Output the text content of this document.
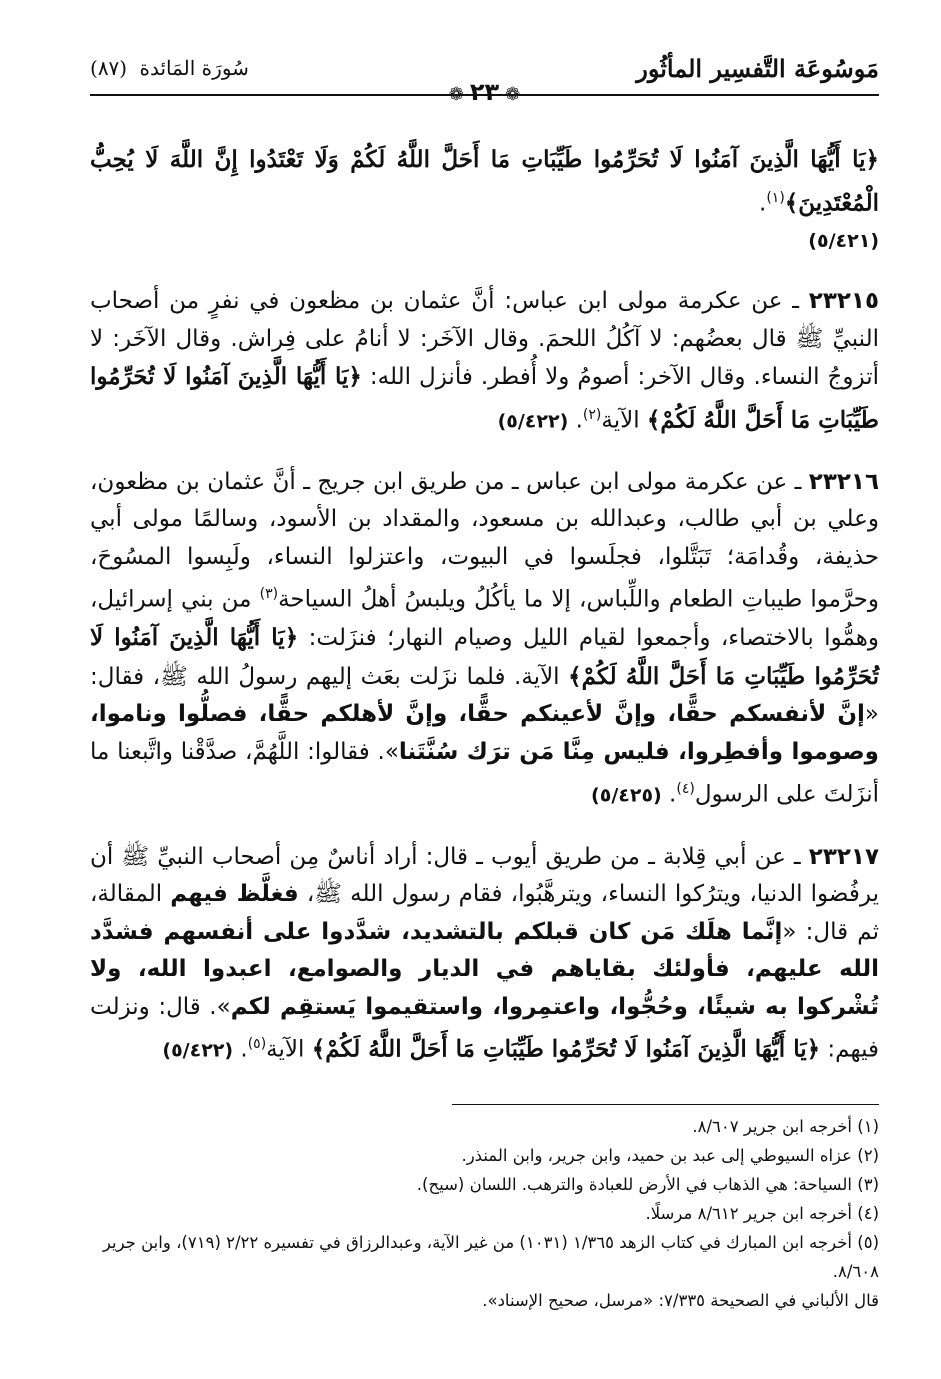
مَوسُوعَة التَّفسِير المأثُور
❁٢٣❁
سُورَة المَائدة (٨٧)

﴿يَا أَيُّهَا الَّذِينَ آمَنُوا لَا تُحَرِّمُوا طَيِّبَاتِ مَا أَحَلَّ اللَّهُ لَكُمْ وَلَا تَعْتَدُوا إِنَّ اللَّهَ لَا يُحِبُّ الْمُعْتَدِينَ﴾$^{(١)}$.
(٥/٤٢١)

٢٣٢١٥ ـ عن عكرمة مولى ابن عباس: أنَّ عثمان بن مظعون في نفرٍ من أصحاب النبيِّ ﷺ قال بعضُهم: لا آكُلُ اللحمَ. وقال الآخَر: لا أنامُ على فِراش. وقال الآخَر: لا أتزوجُ النساء. وقال الآخر: أصومُ ولا أُفطر. فأنزل الله: ﴿يَا أَيُّهَا الَّذِينَ آمَنُوا لَا تُحَرِّمُوا طَيِّبَاتِ مَا أَحَلَّ اللَّهُ لَكُمْ﴾ الآية$^{(٢)}$. (٥/٤٢٢)

٢٣٢١٦ ـ عن عكرمة مولى ابن عباس ـ من طريق ابن جريج ـ أنَّ عثمان بن مظعون، وعلي بن أبي طالب، وعبدالله بن مسعود، والمقداد بن الأسود، وسالمًا مولى أبي حذيفة، وقُدامَة؛ تَبَتَّلوا، فجلَسوا في البيوت، واعتزلوا النساء، ولَبِسوا المسُوحَ، وحرَّموا طيباتِ الطعام واللِّباس، إلا ما يأكُلُ ويلبسُ أهلُ السياحة$^{(٣)}$ من بني إسرائيل، وهمُّوا بالاختصاء، وأجمعوا لقيام الليل وصيام النهار؛ فنزَلت: ﴿يَا أَيُّهَا الَّذِينَ آمَنُوا لَا تُحَرِّمُوا طَيِّبَاتِ مَا أَحَلَّ اللَّهُ لَكُمْ﴾ الآية. فلما نزَلت بعَث إليهم رسولُ الله ﷺ، فقال: «إنَّ لأنفسكم حقًّا، وإنَّ لأعينكم حقًّا، وإنَّ لأهلكم حقًّا، فصلُّوا وناموا، وصوموا وأفطِروا، فليس مِنَّا مَن ترَك سُنَّتَنا». فقالوا: اللَّهُمَّ، صدَّقْنا واتَّبعنا ما أنزَلتَ على الرسول$^{(٤)}$. (٥/٤٢٥)

٢٣٢١٧ ـ عن أبي قِلابة ـ من طريق أيوب ـ قال: أراد أناسٌ مِن أصحاب النبيِّ ﷺ أن يرفُضوا الدنيا، ويترُكوا النساء، ويترهَّبُوا، فقام رسول الله ﷺ، فغلَّظ فيهم المقالة، ثم قال: «إنَّما هلَك مَن كان قبلكم بالتشديد، شدَّدوا على أنفسهم فشدَّد الله عليهم، فأولئك بقاياهم في الديار والصوامع، اعبدوا الله، ولا تُشْركوا به شيئًا، وحُجُّوا، واعتمِروا، واستقيموا يَستقِم لكم». قال: ونزلت فيهم: ﴿يَا أَيُّهَا الَّذِينَ آمَنُوا لَا تُحَرِّمُوا طَيِّبَاتِ مَا أَحَلَّ اللَّهُ لَكُمْ﴾ الآية$^{(٥)}$. (٥/٤٢٢)

(١) أخرجه ابن جرير ٨/٦٠٧.

(٢) عزاه السيوطي إلى عبد بن حميد، وابن جرير، وابن المنذر.

(٣) السياحة: هي الذهاب في الأرض للعبادة والترهب. اللسان (سيح).

(٤) أخرجه ابن جرير ٨/٦١٢ مرسلًا.

(٥) أخرجه ابن المبارك في كتاب الزهد ١/٣٦٥ (١٠٣١) من غير الآية، وعبدالرزاق في تفسيره ٢/٢٢ (٧١٩)، وابن جرير ٨/٦٠٨.

قال الألباني في الصحيحة ٧/٣٣٥: «مرسل، صحيح الإسناد».
